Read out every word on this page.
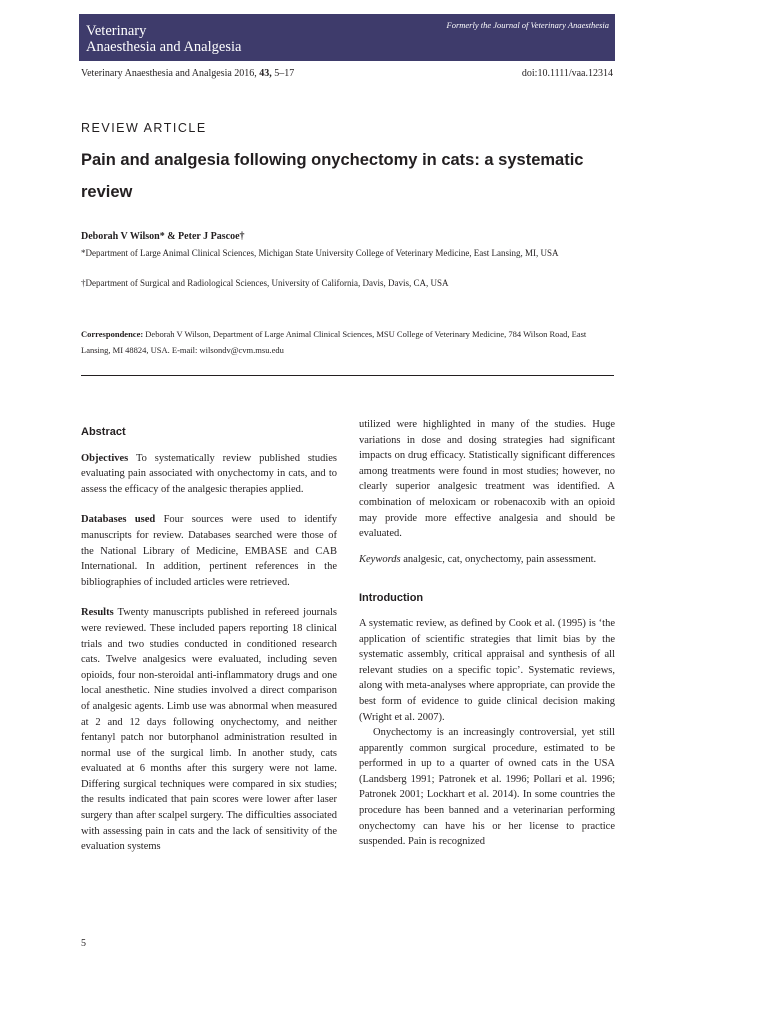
Veterinary
Anaesthesia and Analgesia
Formerly the Journal of Veterinary Anaesthesia
Veterinary Anaesthesia and Analgesia 2016, 43, 5–17	doi:10.1111/vaa.12314
REVIEW ARTICLE
Pain and analgesia following onychectomy in cats: a systematic review
Deborah V Wilson* & Peter J Pascoe†
*Department of Large Animal Clinical Sciences, Michigan State University College of Veterinary Medicine, East Lansing, MI, USA
†Department of Surgical and Radiological Sciences, University of California, Davis, Davis, CA, USA
Correspondence: Deborah V Wilson, Department of Large Animal Clinical Sciences, MSU College of Veterinary Medicine, 784 Wilson Road, East Lansing, MI 48824, USA. E-mail: wilsondv@cvm.msu.edu
Abstract

Objectives To systematically review published studies evaluating pain associated with onychectomy in cats, and to assess the efficacy of the analgesic therapies applied.

Databases used Four sources were used to identify manuscripts for review. Databases searched were those of the National Library of Medicine, EMBASE and CAB International. In addition, pertinent references in the bibliographies of included articles were retrieved.

Results Twenty manuscripts published in refereed journals were reviewed. These included papers reporting 18 clinical trials and two studies conducted in conditioned research cats. Twelve analgesics were evaluated, including seven opioids, four non-steroidal anti-inflammatory drugs and one local anesthetic. Nine studies involved a direct comparison of analgesic agents. Limb use was abnormal when measured at 2 and 12 days following onychectomy, and neither fentanyl patch nor butorphanol administration resulted in normal use of the surgical limb. In another study, cats evaluated at 6 months after this surgery were not lame. Differing surgical techniques were compared in six studies; the results indicated that pain scores were lower after laser surgery than after scalpel surgery. The difficulties associated with assessing pain in cats and the lack of sensitivity of the evaluation systems

utilized were highlighted in many of the studies. Huge variations in dose and dosing strategies had significant impacts on drug efficacy. Statistically significant differences among treatments were found in most studies; however, no clearly superior analgesic treatment was identified. A combination of meloxicam or robenacoxib with an opioid may provide more effective analgesia and should be evaluated.

Keywords analgesic, cat, onychectomy, pain assessment.

Introduction

A systematic review, as defined by Cook et al. (1995) is ‘the application of scientific strategies that limit bias by the systematic assembly, critical appraisal and synthesis of all relevant studies on a specific topic’. Systematic reviews, along with meta-analyses where appropriate, can provide the best form of evidence to guide clinical decision making (Wright et al. 2007).

Onychectomy is an increasingly controversial, yet still apparently common surgical procedure, estimated to be performed in up to a quarter of owned cats in the USA (Landsberg 1991; Patronek et al. 1996; Pollari et al. 1996; Patronek 2001; Lockhart et al. 2014). In some countries the procedure has been banned and a veterinarian performing onychectomy can have his or her license to practice suspended. Pain is recognized

5
